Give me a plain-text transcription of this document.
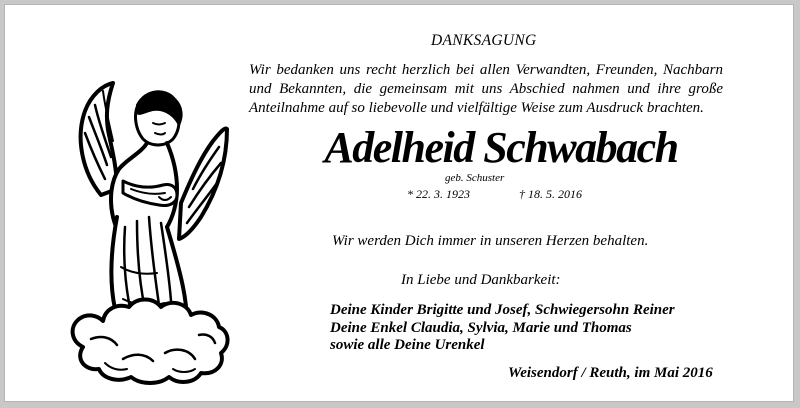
DANKSAGUNG
Wir bedanken uns recht herzlich bei allen Verwandten, Freunden, Nachbarn und Bekannten, die gemeinsam mit uns Abschied nahmen und ihre große Anteilnahme auf so liebevolle und vielfältige Weise zum Ausdruck brachten.
Adelheid Schwabach
geb. Schuster
* 22. 3. 1923	† 18. 5. 2016
Wir werden Dich immer in unseren Herzen behalten.
In Liebe und Dankbarkeit:
Deine Kinder Brigitte und Josef, Schwiegersohn Reiner
Deine Enkel Claudia, Sylvia, Marie und Thomas
sowie alle Deine Urenkel
Weisendorf / Reuth, im Mai 2016
